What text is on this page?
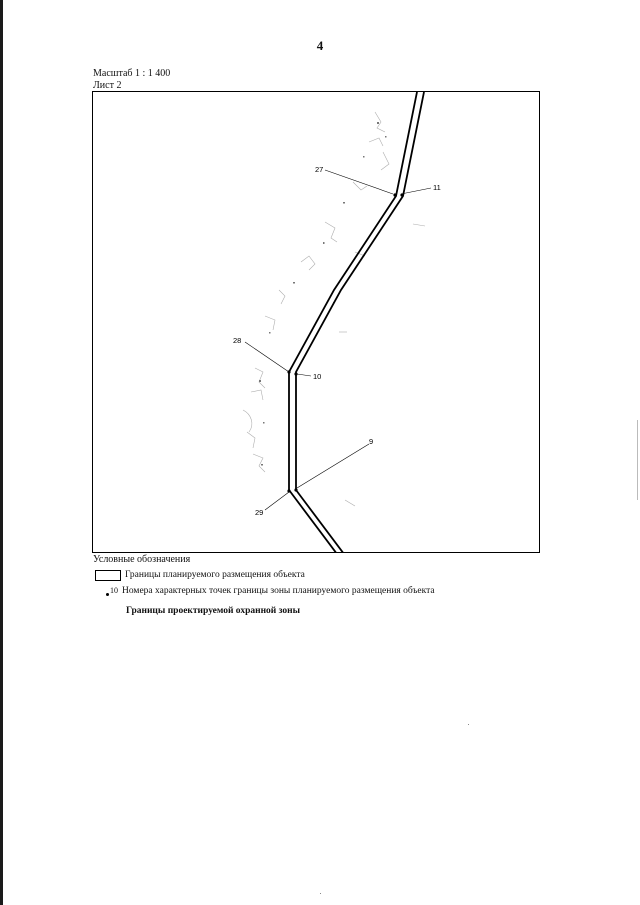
4
Масштаб 1 : 1 400
Лист 2
27
11
28
10
9
29
Условные обозначения
Границы планируемого размещения объекта
10 Номера характерных точек границы зоны планируемого размещения объекта
Границы проектируемой охранной зоны
